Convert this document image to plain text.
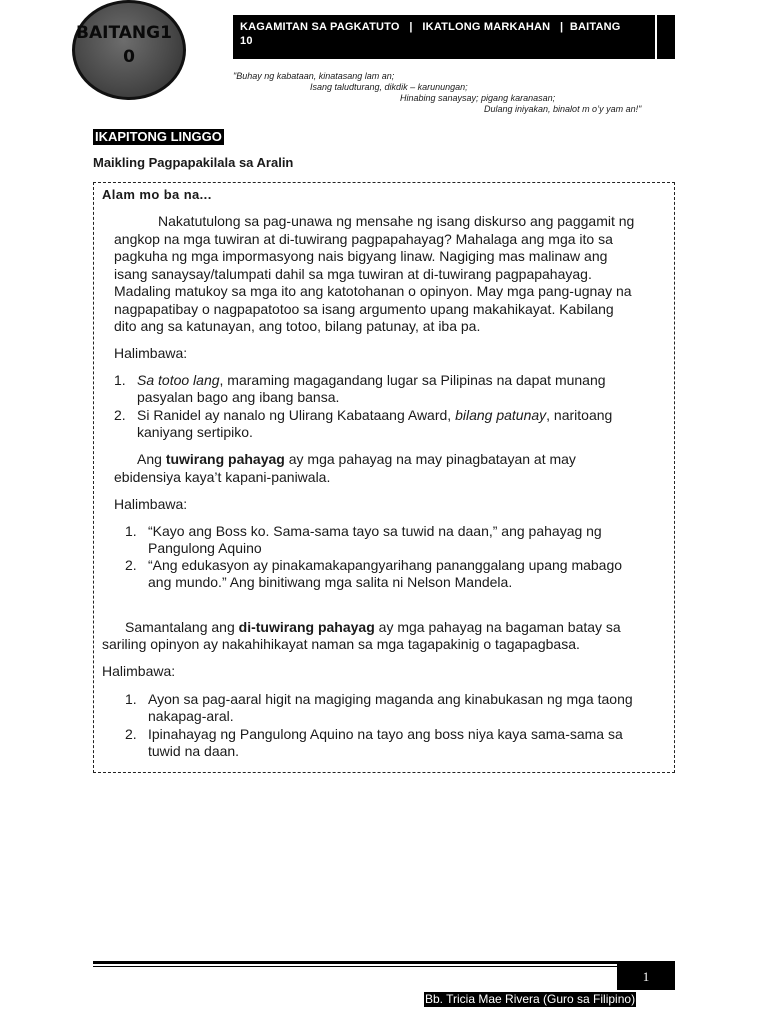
BAITANG1
0
KAGAMITAN SA PAGKATUTO   |   IKATLONG MARKAHAN   |  BAITANG
10
"Buhay ng kabataan, kinatasang lam an;
Isang taludturang, dikdik – karunungan;
Hinabing sanaysay; pigang karanasan;
Dulang iniyakan, binalot m o’y yam an!"
IKAPITONG LINGGO
Maikling Pagpapakilala sa Aralin
Alam mo ba na...
Nakatutulong sa pag-unawa ng mensahe ng isang diskurso ang paggamit ng
angkop na mga tuwiran at di-tuwirang pagpapahayag? Mahalaga ang mga ito sa
pagkuha ng mga impormasyong nais bigyang linaw. Nagiging mas malinaw ang
isang sanaysay/talumpati dahil sa mga tuwiran at di-tuwirang pagpapahayag.
Madaling matukoy sa mga ito ang katotohanan o opinyon. May mga pang-ugnay na
nagpapatibay o nagpapatotoo sa isang argumento upang makahikayat. Kabilang
dito ang sa katunayan, ang totoo, bilang patunay, at iba pa.
Halimbawa:
1. Sa totoo lang, maraming magagandang lugar sa Pilipinas na dapat munang
pasyalan bago ang ibang bansa.
2. Si Ranidel ay nanalo ng Ulirang Kabataang Award, bilang patunay, naritoang
kaniyang sertipiko.
Ang tuwirang pahayag ay mga pahayag na may pinagbatayan at may
ebidensiya kaya’t kapani-paniwala.
Halimbawa:
1. “Kayo ang Boss ko. Sama-sama tayo sa tuwid na daan,” ang pahayag ng
Pangulong Aquino
2. “Ang edukasyon ay pinakamakapangyarihang pananggalang upang mabago
ang mundo.” Ang binitiwang mga salita ni Nelson Mandela.
Samantalang ang di-tuwirang pahayag ay mga pahayag na bagaman batay sa
sariling opinyon ay nakahihikayat naman sa mga tagapakinig o tagapagbasa.
Halimbawa:
1. Ayon sa pag-aaral higit na magiging maganda ang kinabukasan ng mga taong
nakapag-aral.
2. Ipinahayag ng Pangulong Aquino na tayo ang boss niya kaya sama-sama sa
tuwid na daan.
1
Bb. Tricia Mae Rivera (Guro sa Filipino)
